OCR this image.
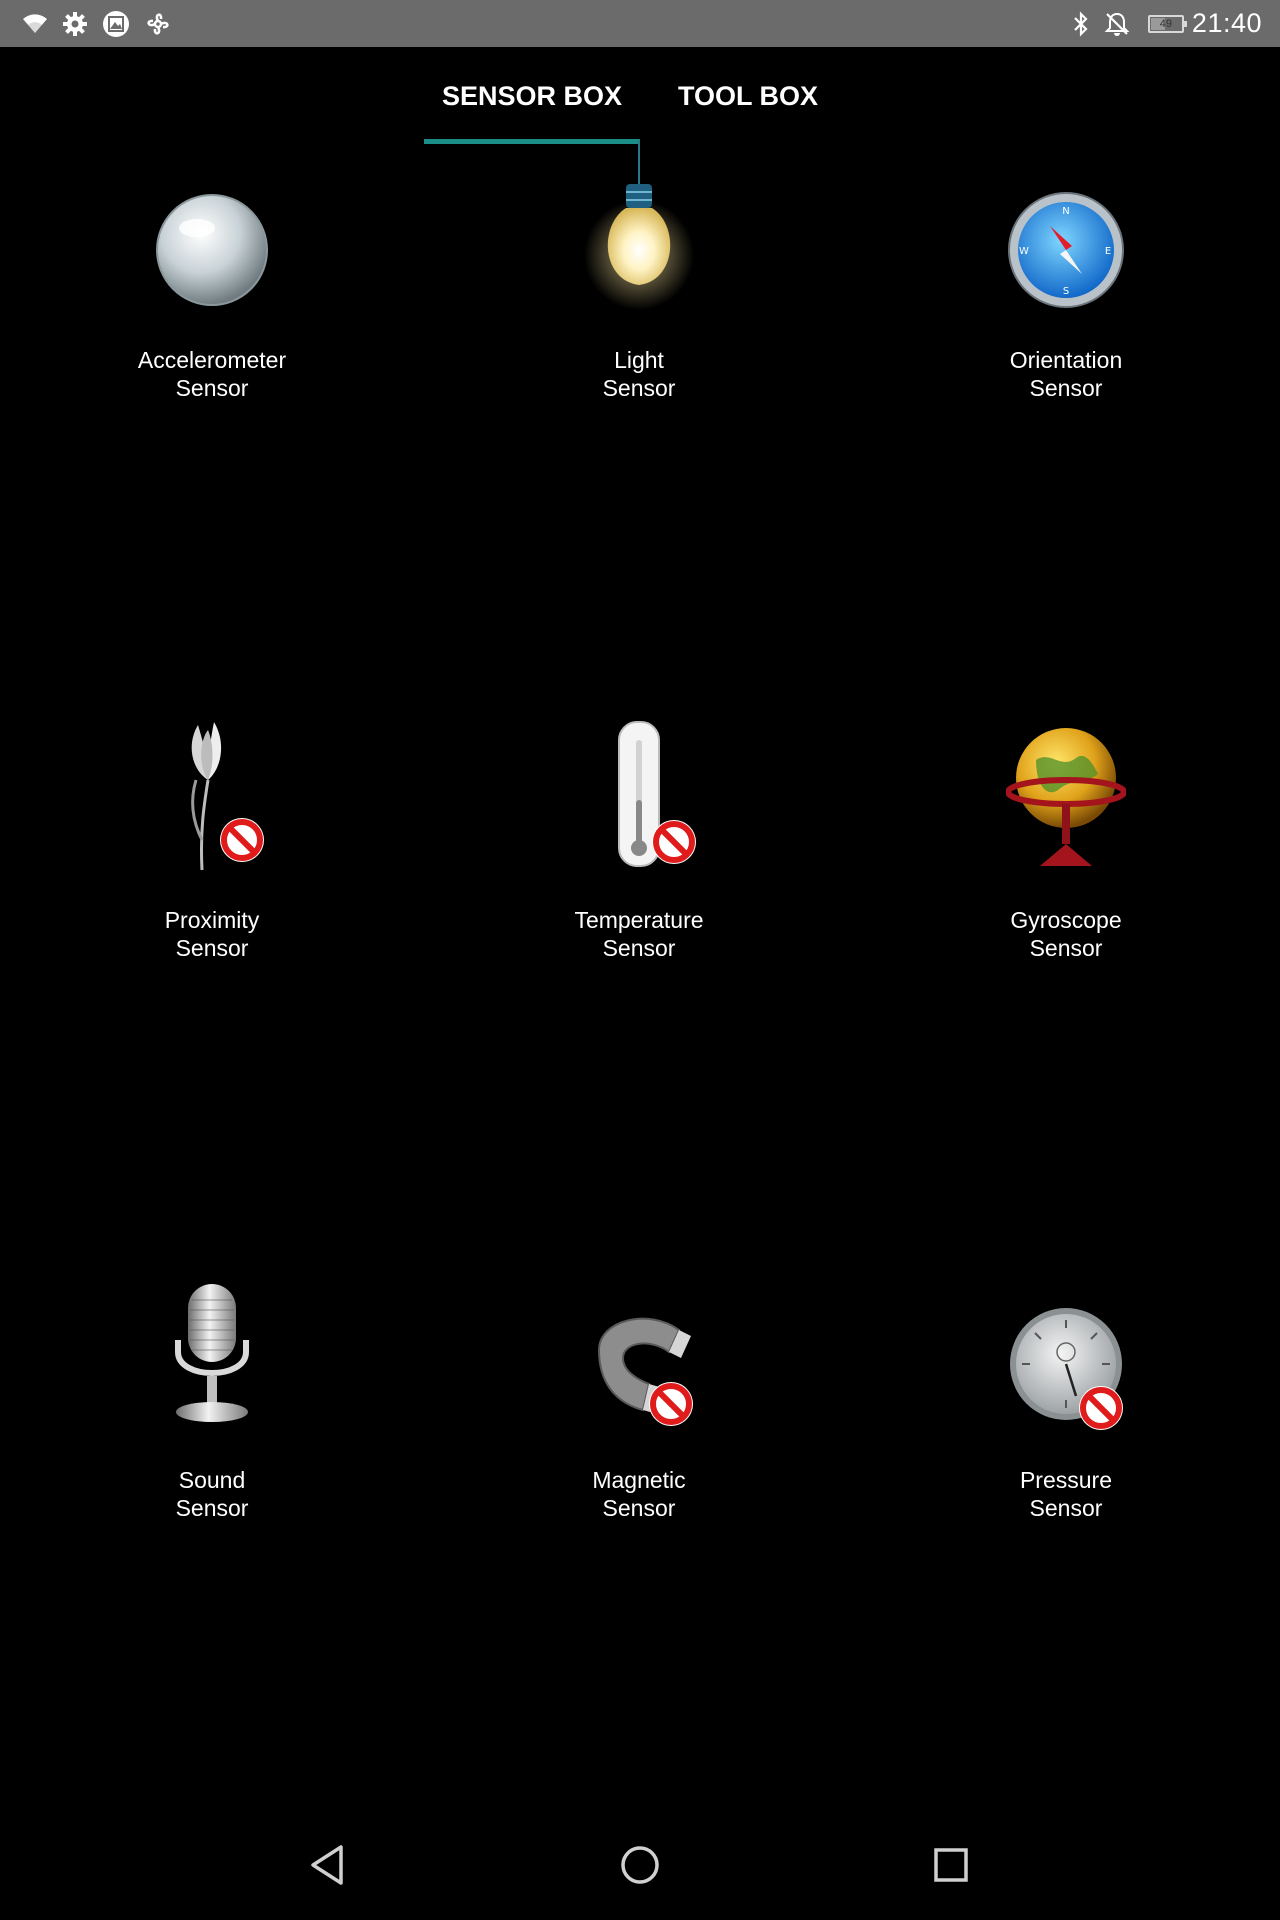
49 21:40
SENSOR BOX	TOOL BOX
Accelerometer
Sensor
Light
Sensor
N
E
W
S
Orientation
Sensor
Proximity
Sensor
Temperature
Sensor
Gyroscope
Sensor
Sound
Sensor
Magnetic
Sensor
Pressure
Sensor
